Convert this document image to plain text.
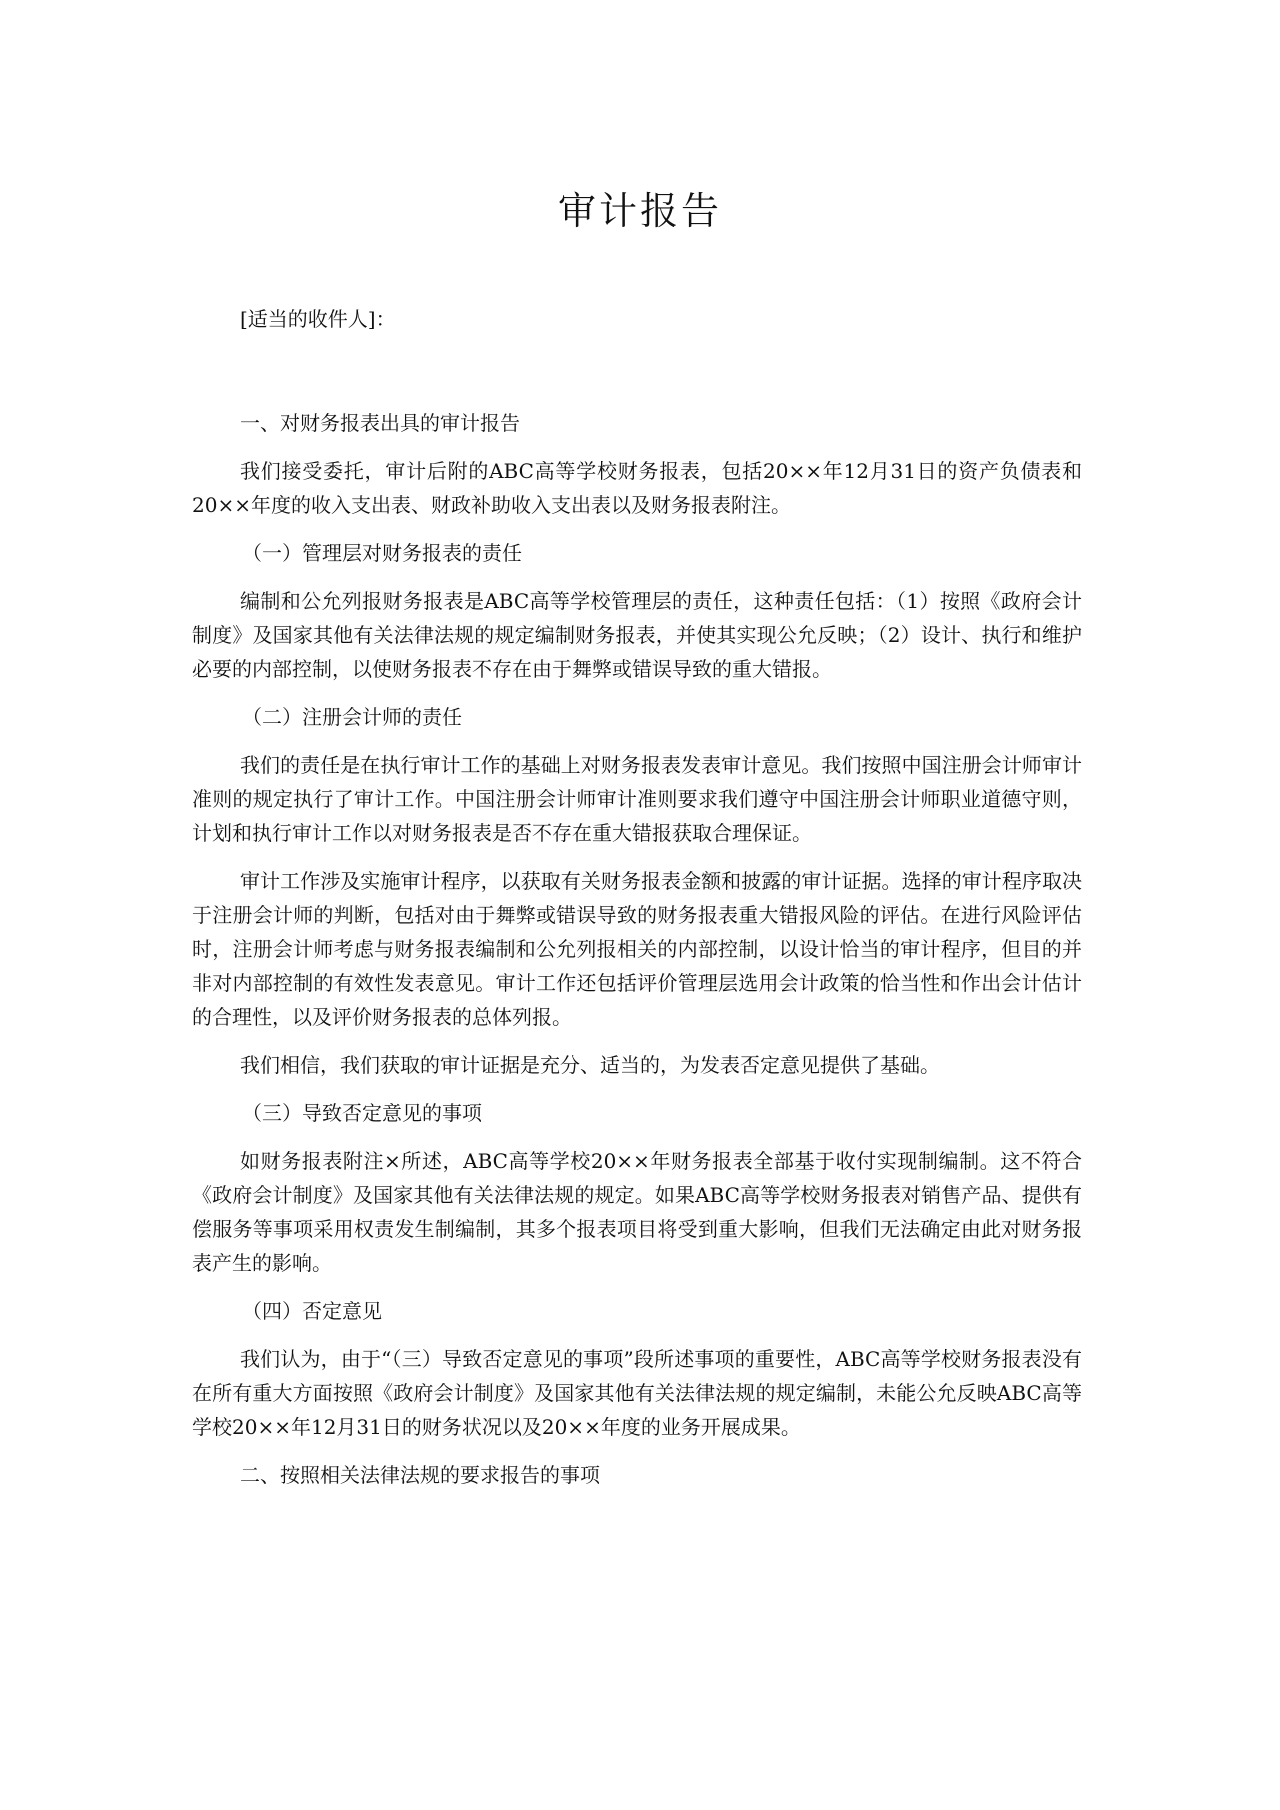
审计报告

[适当的收件人]：

一、对财务报表出具的审计报告

我们接受委托，审计后附的ABC高等学校财务报表，包括20××年12月31日的资产负债表和20××年度的收入支出表、财政补助收入支出表以及财务报表附注。

（一）管理层对财务报表的责任

编制和公允列报财务报表是ABC高等学校管理层的责任，这种责任包括：（1）按照《政府会计制度》及国家其他有关法律法规的规定编制财务报表，并使其实现公允反映；（2）设计、执行和维护必要的内部控制，以使财务报表不存在由于舞弊或错误导致的重大错报。

（二）注册会计师的责任

我们的责任是在执行审计工作的基础上对财务报表发表审计意见。我们按照中国注册会计师审计准则的规定执行了审计工作。中国注册会计师审计准则要求我们遵守中国注册会计师职业道德守则，计划和执行审计工作以对财务报表是否不存在重大错报获取合理保证。

审计工作涉及实施审计程序，以获取有关财务报表金额和披露的审计证据。选择的审计程序取决于注册会计师的判断，包括对由于舞弊或错误导致的财务报表重大错报风险的评估。在进行风险评估时，注册会计师考虑与财务报表编制和公允列报相关的内部控制，以设计恰当的审计程序，但目的并非对内部控制的有效性发表意见。审计工作还包括评价管理层选用会计政策的恰当性和作出会计估计的合理性，以及评价财务报表的总体列报。

我们相信，我们获取的审计证据是充分、适当的，为发表否定意见提供了基础。

（三）导致否定意见的事项

如财务报表附注×所述，ABC高等学校20××年财务报表全部基于收付实现制编制。这不符合《政府会计制度》及国家其他有关法律法规的规定。如果ABC高等学校财务报表对销售产品、提供有偿服务等事项采用权责发生制编制，其多个报表项目将受到重大影响，但我们无法确定由此对财务报表产生的影响。

（四）否定意见

我们认为，由于“（三）导致否定意见的事项”段所述事项的重要性，ABC高等学校财务报表没有在所有重大方面按照《政府会计制度》及国家其他有关法律法规的规定编制，未能公允反映ABC高等学校20××年12月31日的财务状况以及20××年度的业务开展成果。

二、按照相关法律法规的要求报告的事项
